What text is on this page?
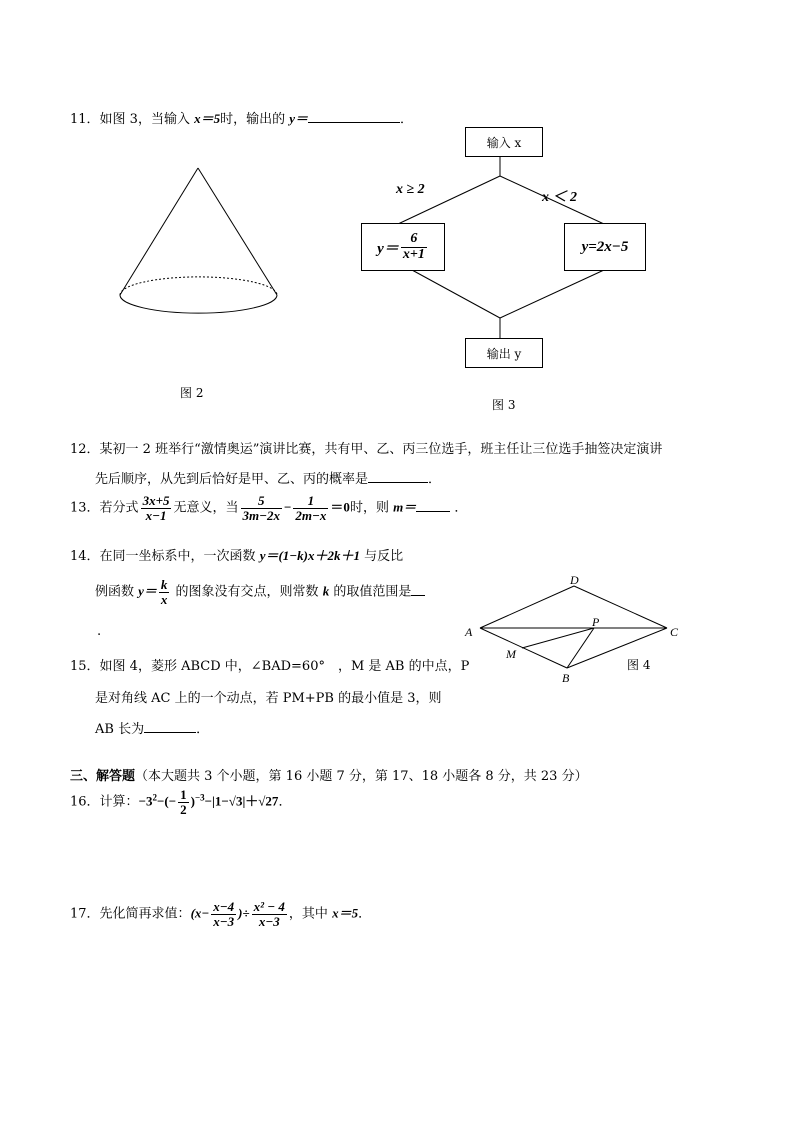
11．如图 3，当输入 x＝5时，输出的 y＝	．
图 2
输入 x
x ≥ 2
x ＜ 2
$y= \frac{6}{x+1}$	y=2x−5
输出 y
图 3
12．某初一 2 班举行“激情奥运”演讲比赛，共有甲、乙、丙三位选手，班主任让三位选手抽签决定演讲
先后顺序，从先到后恰好是甲、乙、丙的概率是	．
13．若分式 $\frac{3x+5}{x-1}$ 无意义，当 $\frac{5}{3m-2x} - \frac{1}{2m-x} =0$时，则 m＝	．
14．在同一坐标系中，一次函数 y＝(1−k)x＋2k＋1 与反比
例函数 $y= \frac{k}{x}$ 的图象没有交点，则常数 k 的取值范围是
.	A
D
C
B
M
P
图 4
15．如图 4，菱形 ABCD 中，∠BAD=60°　，M 是 AB 的中点，P
是对角线 AC 上的一个动点，若 PM+PB 的最小值是 3，则
AB 长为	．
三、解答题（本大题共 3 个小题，第 16 小题 7 分，第 17、18 小题各 8 分，共 23 分）
16．计算：$-3^2-(- \frac{1}{2} )^{-3}-|1-√3|+√27$．
17．先化简再求值：($x- \frac{x-4}{x-3}$ )÷ $\frac{\text{x² − 4}}{x-3}$ ，其中 x＝5．
